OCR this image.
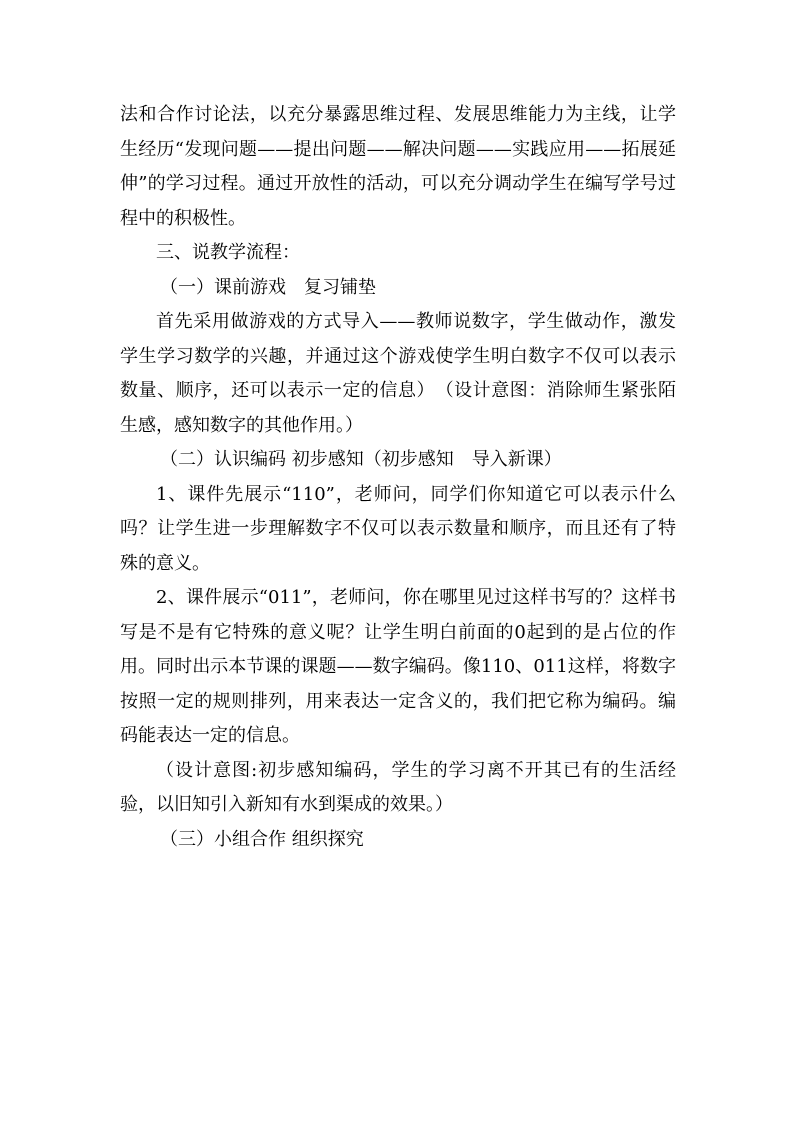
法和合作讨论法，以充分暴露思维过程、发展思维能力为主线，让学生经历“发现问题——提出问题——解决问题——实践应用——拓展延伸”的学习过程。通过开放性的活动，可以充分调动学生在编写学号过程中的积极性。

三、说教学流程：

（一）课前游戏　复习铺垫

首先采用做游戏的方式导入——教师说数字，学生做动作，激发学生学习数学的兴趣，并通过这个游戏使学生明白数字不仅可以表示数量、顺序，还可以表示一定的信息）　（设计意图：消除师生紧张陌生感，感知数字的其他作用。）

（二）认识编码 初步感知（初步感知　导入新课）

1、课件先展示“110”，老师问，同学们你知道它可以表示什么吗？让学生进一步理解数字不仅可以表示数量和顺序，而且还有了特殊的意义。

2、课件展示“011”，老师问，你在哪里见过这样书写的？这样书写是不是有它特殊的意义呢？让学生明白前面的0起到的是占位的作用。同时出示本节课的课题——数字编码。像110、011这样，将数字按照一定的规则排列，用来表达一定含义的，我们把它称为编码。编码能表达一定的信息。

（设计意图:初步感知编码，学生的学习离不开其已有的生活经验，以旧知引入新知有水到渠成的效果。）

（三）小组合作 组织探究
